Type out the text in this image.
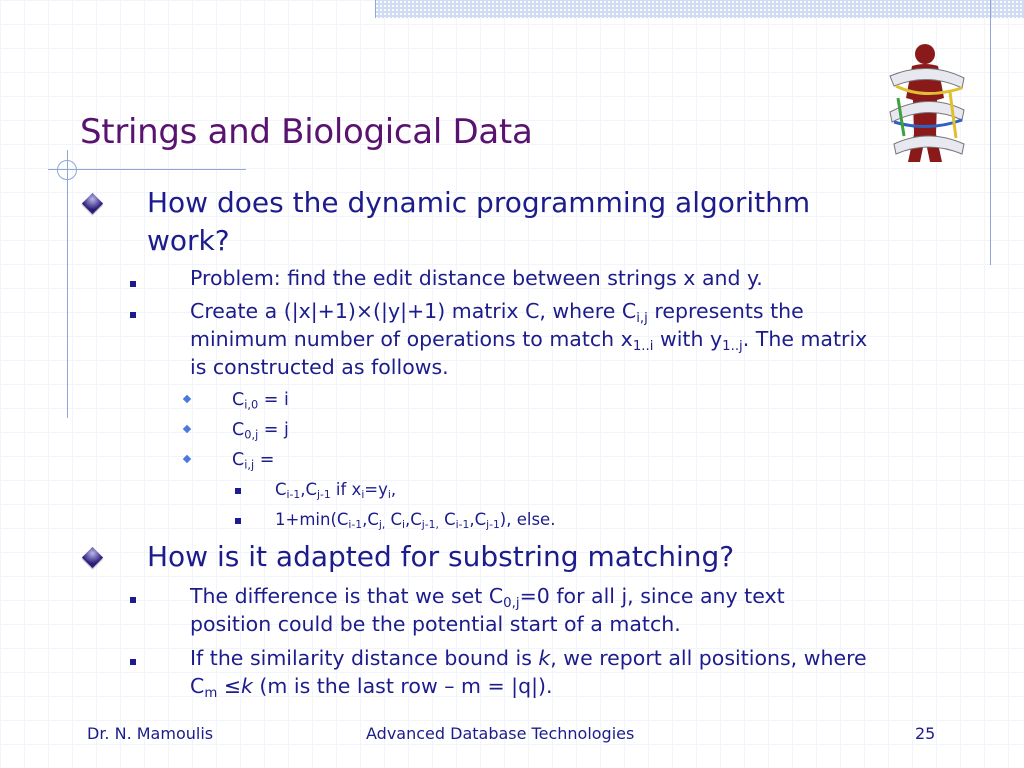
Strings and Biological Data
How does the dynamic programming algorithm
work?
Problem: find the edit distance between strings x and y.
Create a (|x|+1)×(|y|+1) matrix C, where $C_{i,j}$ represents the
minimum number of operations to match $x_{1..i}$ with $y_{1..j}$. The matrix
is constructed as follows.
$C_{i,0} = i$
$C_{0,j} = j$
$C_{i,j}$ =
$C_{i-1},C_{j-1}$ if $x_i=y_i$,
$1+\min(C_{i-1},C_{j,}$ $C_i,C_{j-1,}$ $C_{i-1},C_{j-1}$), else.
How is it adapted for substring matching?
The difference is that we set $C_{0,j}=0$ for all j, since any text
position could be the potential start of a match.
If the similarity distance bound is k, we report all positions, where
$C_m \le k$ (m is the last row – m = |q|).
Dr. N. Mamoulis	Advanced Database Technologies	25
